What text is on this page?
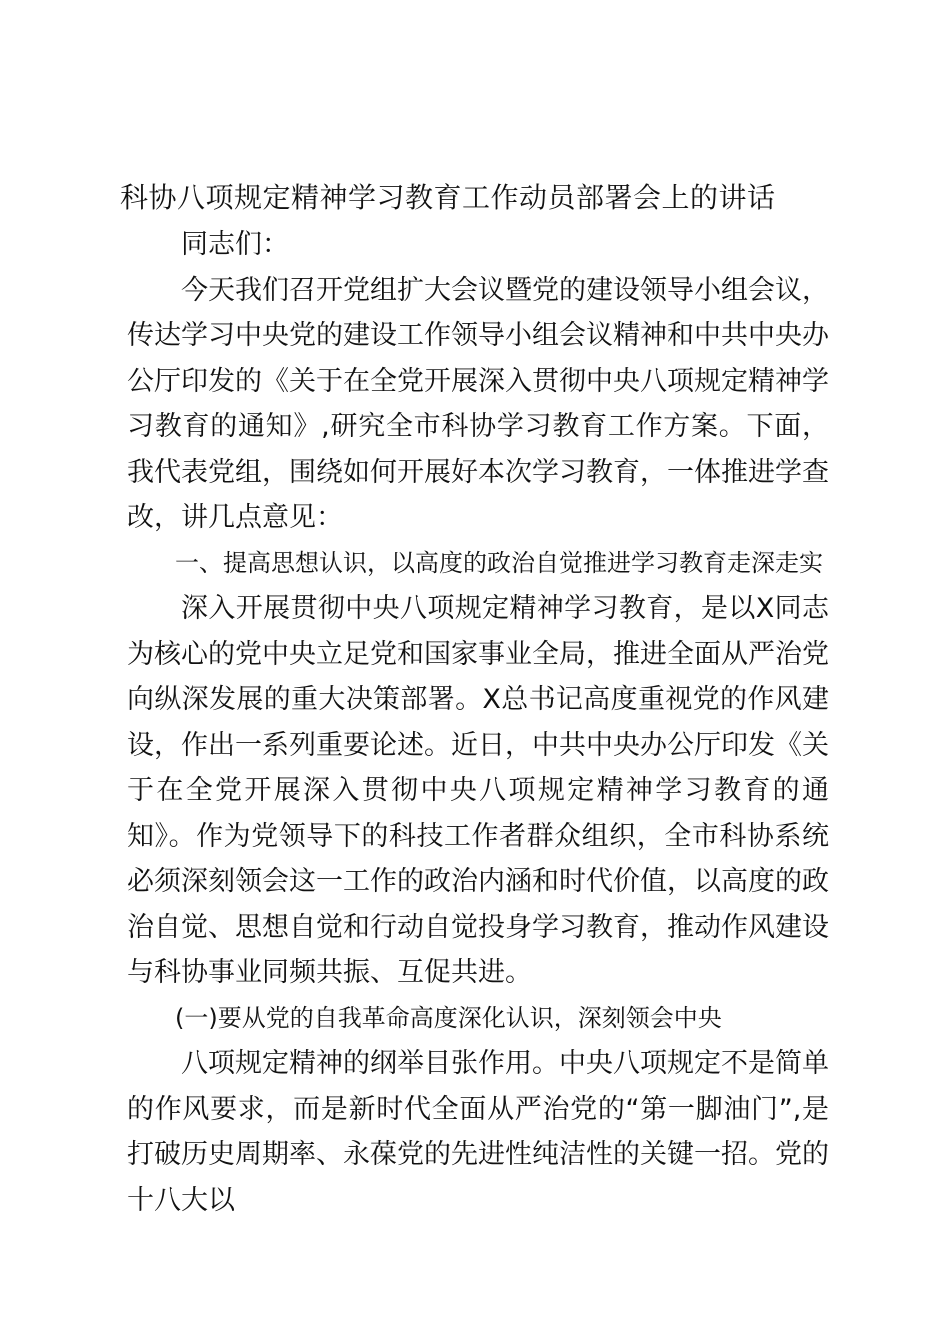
科协八项规定精神学习教育工作动员部署会上的讲话

同志们：

今天我们召开党组扩大会议暨党的建设领导小组会议，传达学习中央党的建设工作领导小组会议精神和中共中央办公厅印发的《关于在全党开展深入贯彻中央八项规定精神学习教育的通知》,研究全市科协学习教育工作方案。下面，我代表党组，围绕如何开展好本次学习教育，一体推进学查改，讲几点意见：

一、提高思想认识，以高度的政治自觉推进学习教育走深走实

深入开展贯彻中央八项规定精神学习教育，是以X同志为核心的党中央立足党和国家事业全局，推进全面从严治党向纵深发展的重大决策部署。X总书记高度重视党的作风建　设，作出一系列重要论述。近日，中共中央办公厅印发《关于在全党开展深入贯彻中央八项规定精神学习教育的通知》。作为党领导下的科技工作者群众组织，全市科协系统必须深刻领会这一工作的政治内涵和时代价值，以高度的政治自觉、思想自觉和行动自觉投身学习教育，推动作风建设与科协事业同频共振、互促共进。

(一)要从党的自我革命高度深化认识，深刻领会中央

八项规定精神的纲举目张作用。中央八项规定不是简单的作风要求，而是新时代全面从严治党的“第一脚油门”,是打破历史周期率、永葆党的先进性纯洁性的关键一招。党的十八大以
